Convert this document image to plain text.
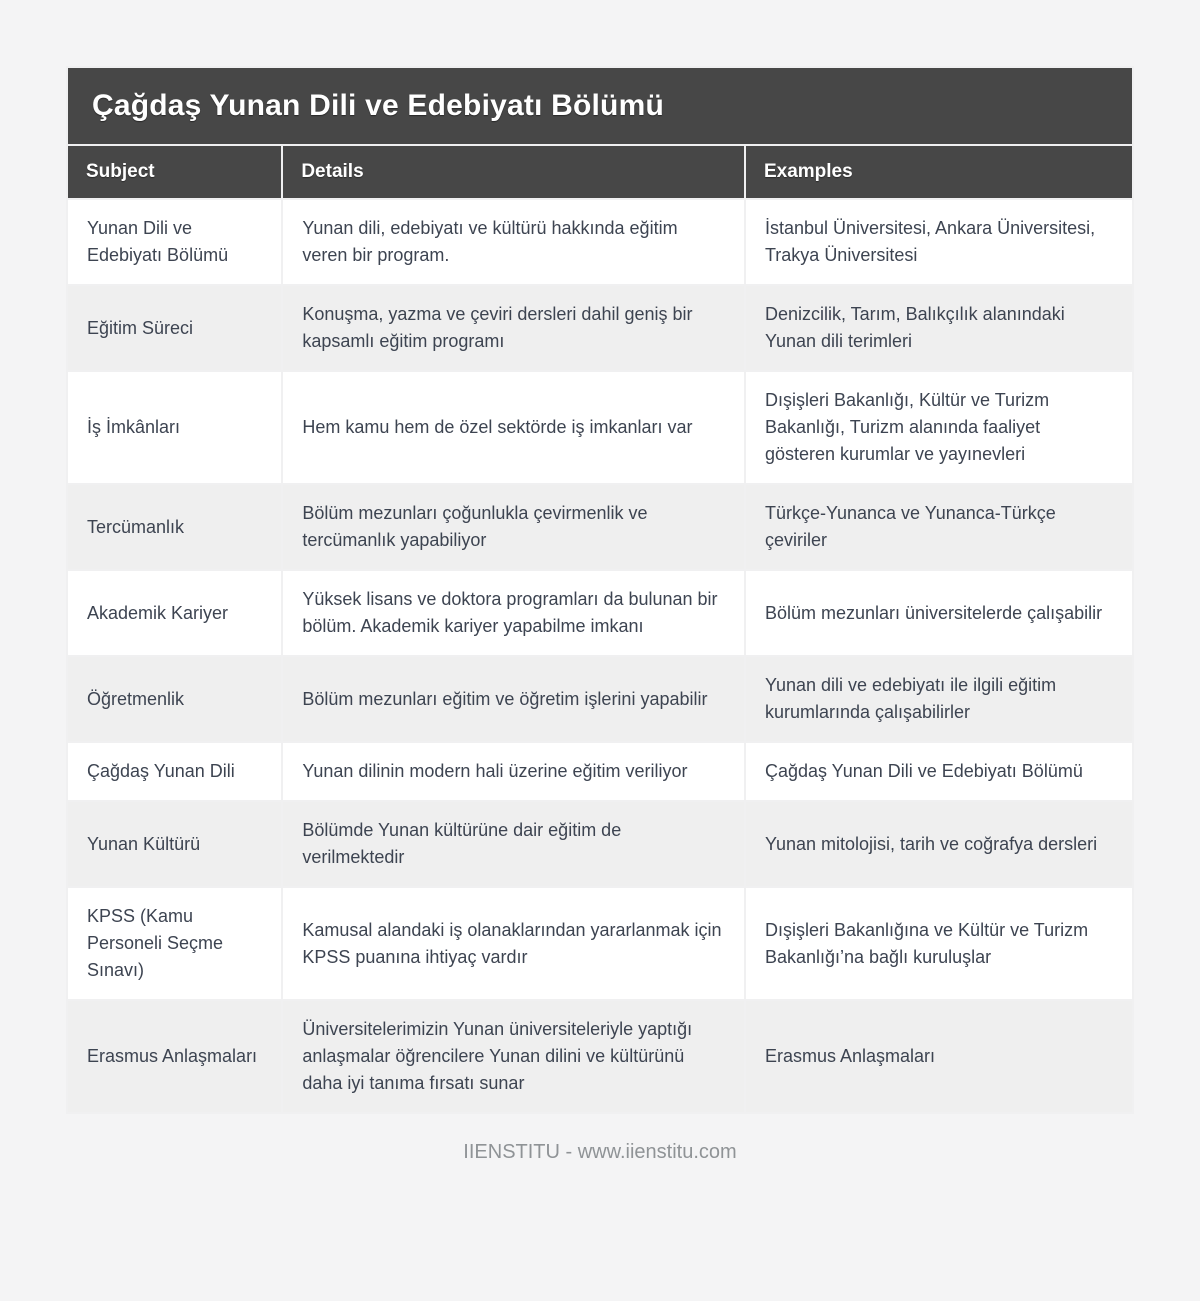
Çağdaş Yunan Dili ve Edebiyatı Bölümü		
Subject	Details	Examples
Yunan Dili ve Edebiyatı Bölümü	Yunan dili, edebiyatı ve kültürü hakkında eğitim veren bir program.	İstanbul Üniversitesi, Ankara Üniversitesi, Trakya Üniversitesi
Eğitim Süreci	Konuşma, yazma ve çeviri dersleri dahil geniş bir kapsamlı eğitim programı	Denizcilik, Tarım, Balıkçılık alanındaki Yunan dili terimleri
İş İmkânları	Hem kamu hem de özel sektörde iş imkanları var	Dışişleri Bakanlığı, Kültür ve Turizm Bakanlığı, Turizm alanında faaliyet gösteren kurumlar ve yayınevleri
Tercümanlık	Bölüm mezunları çoğunlukla çevirmenlik ve tercümanlık yapabiliyor	Türkçe-Yunanca ve Yunanca-Türkçe çeviriler
Akademik Kariyer	Yüksek lisans ve doktora programları da bulunan bir bölüm. Akademik kariyer yapabilme imkanı	Bölüm mezunları üniversitelerde çalışabilir
Öğretmenlik	Bölüm mezunları eğitim ve öğretim işlerini yapabilir	Yunan dili ve edebiyatı ile ilgili eğitim kurumlarında çalışabilirler
Çağdaş Yunan Dili	Yunan dilinin modern hali üzerine eğitim veriliyor	Çağdaş Yunan Dili ve Edebiyatı Bölümü
Yunan Kültürü	Bölümde Yunan kültürüne dair eğitim de verilmektedir	Yunan mitolojisi, tarih ve coğrafya dersleri
KPSS (Kamu Personeli Seçme Sınavı)	Kamusal alandaki iş olanaklarından yararlanmak için KPSS puanına ihtiyaç vardır	Dışişleri Bakanlığına ve Kültür ve Turizm Bakanlığı’na bağlı kuruluşlar
Erasmus Anlaşmaları	Üniversitelerimizin Yunan üniversiteleriyle yaptığı anlaşmalar öğrencilere Yunan dilini ve kültürünü daha iyi tanıma fırsatı sunar	Erasmus Anlaşmaları
IIENSTITU - www.iienstitu.com
